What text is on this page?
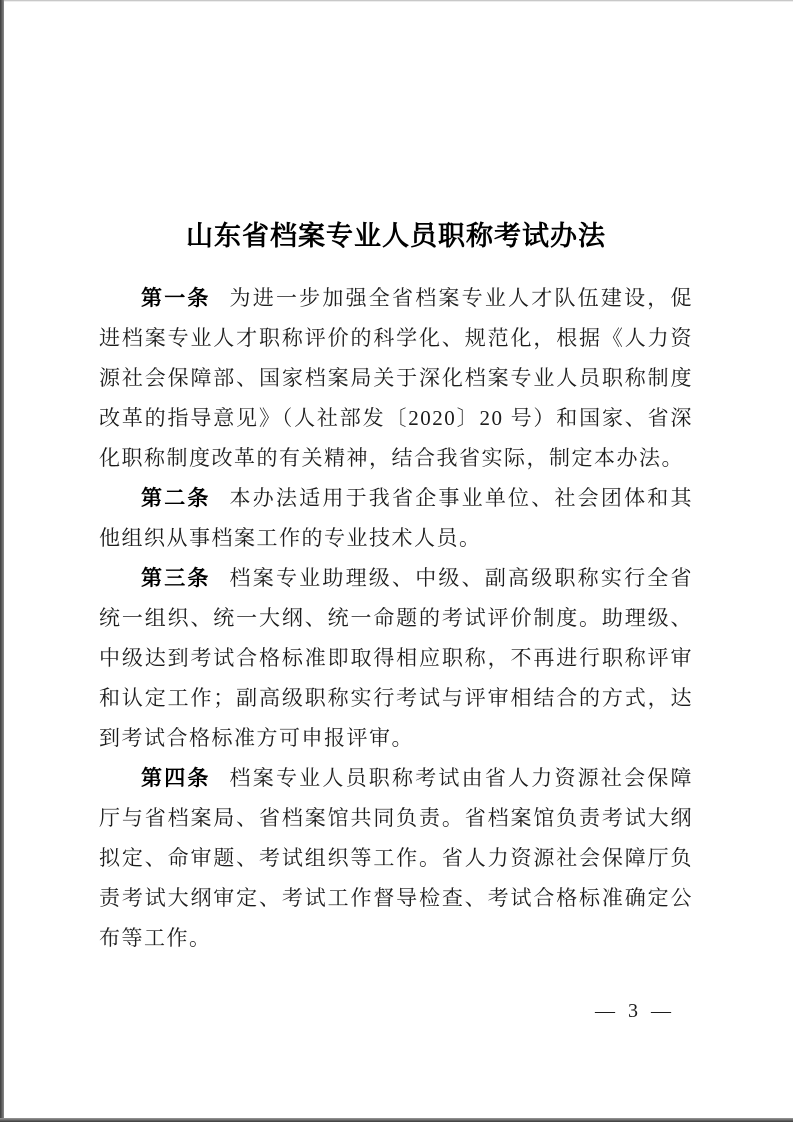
山东省档案专业人员职称考试办法

第一条 为进一步加强全省档案专业人才队伍建设，促进档案专业人才职称评价的科学化、规范化，根据《人力资源社会保障部、国家档案局关于深化档案专业人员职称制度改革的指导意见》（人社部发〔2020〕20 号）和国家、省深化职称制度改革的有关精神，结合我省实际，制定本办法。

第二条 本办法适用于我省企事业单位、社会团体和其他组织从事档案工作的专业技术人员。

第三条 档案专业助理级、中级、副高级职称实行全省统一组织、统一大纲、统一命题的考试评价制度。助理级、中级达到考试合格标准即取得相应职称，不再进行职称评审和认定工作；副高级职称实行考试与评审相结合的方式，达到考试合格标准方可申报评审。

第四条 档案专业人员职称考试由省人力资源社会保障厅与省档案局、省档案馆共同负责。省档案馆负责考试大纲拟定、命审题、考试组织等工作。省人力资源社会保障厅负责考试大纲审定、考试工作督导检查、考试合格标准确定公布等工作。

— 3 —
